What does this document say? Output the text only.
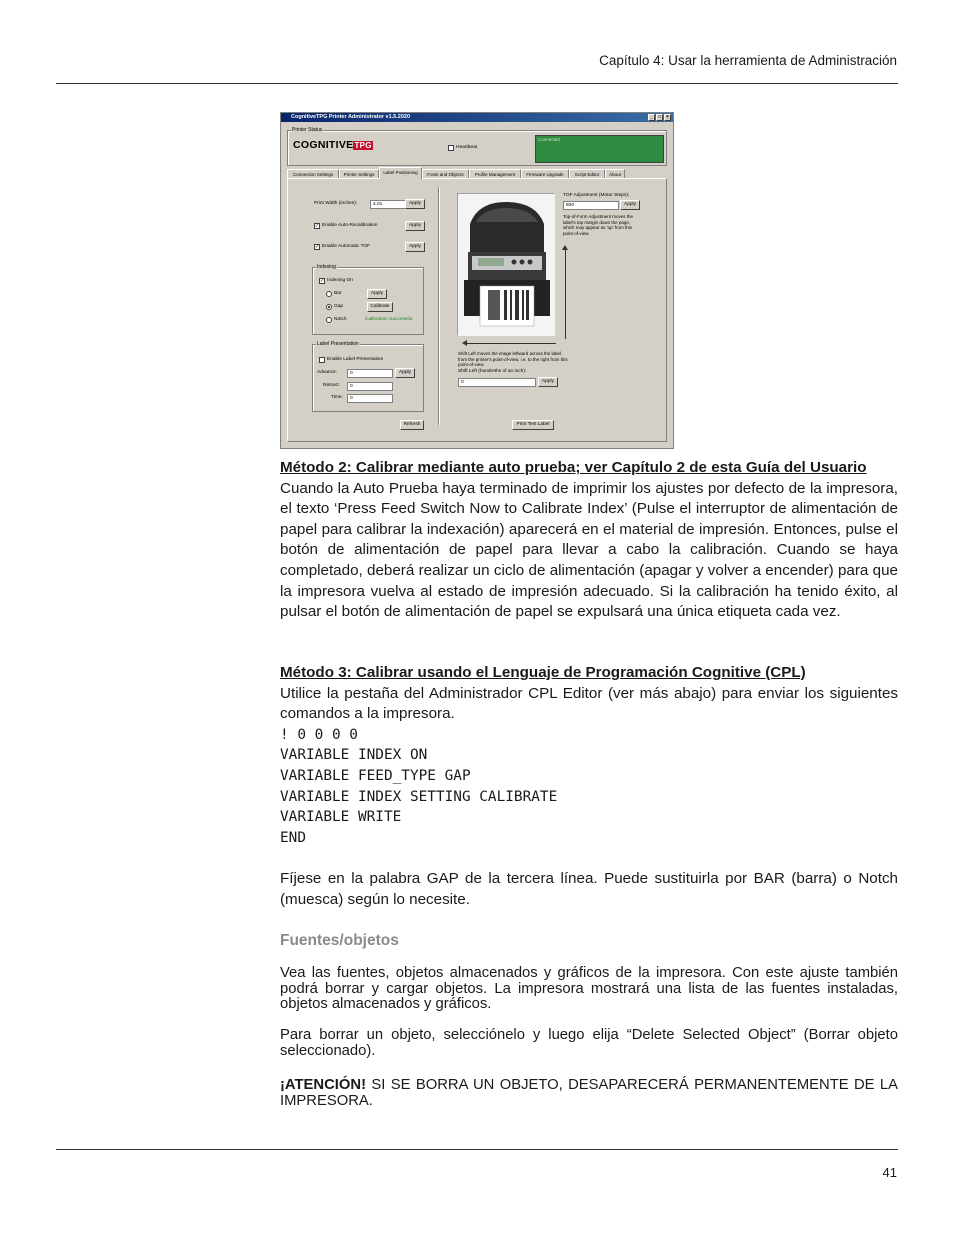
Capítulo 4: Usar la herramienta de Administración
CognitiveTPG Printer Administrator v1.5.2020	_	□	×
Printer Status
COGNITIVETPG	Heartbeat
Connected
Connection Settings	Printer Settings	Label Positioning	Fonts and Objects	Profile Management	Firmware Upgrade	Script Editor	About
Print Width (inches):	4.01	Apply
✓ Enable Auto-Recalibration	Apply
✓ Enable Automatic TOF	Apply
Indexing
✓ Indexing On
Bar	Apply
Gap	Calibrate
Notch	Calibration Successful
Label Presentation
Enable Label Presentation
Advance:	0	Apply
Retract:	0
Time:	0
Refresh
TOF Adjustment (Motor Steps):
600	Apply
Top-of-Form Adjustment moves the label's top margin down the page, which may appear as 'up' from this point-of-view.
Shift Left moves the image leftward across the label from the printer's point-of-view, i.e. to the right from this point-of-view.
Shift Left (hundreths of an inch):
0	Apply
Print Test Label

Método 2: Calibrar mediante auto prueba; ver Capítulo 2 de esta Guía del Usuario

Cuando la Auto Prueba haya terminado de imprimir los ajustes por defecto de la impresora, el texto ‘Press Feed Switch Now to Calibrate Index’ (Pulse el interruptor de alimentación de papel para calibrar la indexación) aparecerá en el material de impresión. Entonces, pulse el botón de alimentación de papel para llevar a cabo la calibración. Cuando se haya completado, deberá realizar un ciclo de alimentación (apagar y volver a encender) para que la impresora vuelva al estado de impresión adecuado. Si la calibración ha tenido éxito, al pulsar el botón de alimentación de papel se expulsará una única etiqueta cada vez.

Método 3: Calibrar usando el Lenguaje de Programación Cognitive (CPL)

Utilice la pestaña del Administrador CPL Editor (ver más abajo) para enviar los siguientes comandos a la impresora.

! 0 0 0 0

VARIABLE INDEX ON

VARIABLE FEED_TYPE GAP

VARIABLE INDEX SETTING CALIBRATE

VARIABLE WRITE

END

Fíjese en la palabra GAP de la tercera línea. Puede sustituirla por BAR (barra) o Notch (muesca) según lo necesite.

Fuentes/objetos

Vea las fuentes, objetos almacenados y gráficos de la impresora. Con este ajuste también podrá borrar y cargar objetos. La impresora mostrará una lista de las fuentes instaladas, objetos almacenados y gráficos.

Para borrar un objeto, selecciónelo y luego elija “Delete Selected Object” (Borrar objeto seleccionado).

¡ATENCIÓN! SI SE BORRA UN OBJETO, DESAPARECERÁ PERMANENTEMENTE DE LA IMPRESORA.

41
